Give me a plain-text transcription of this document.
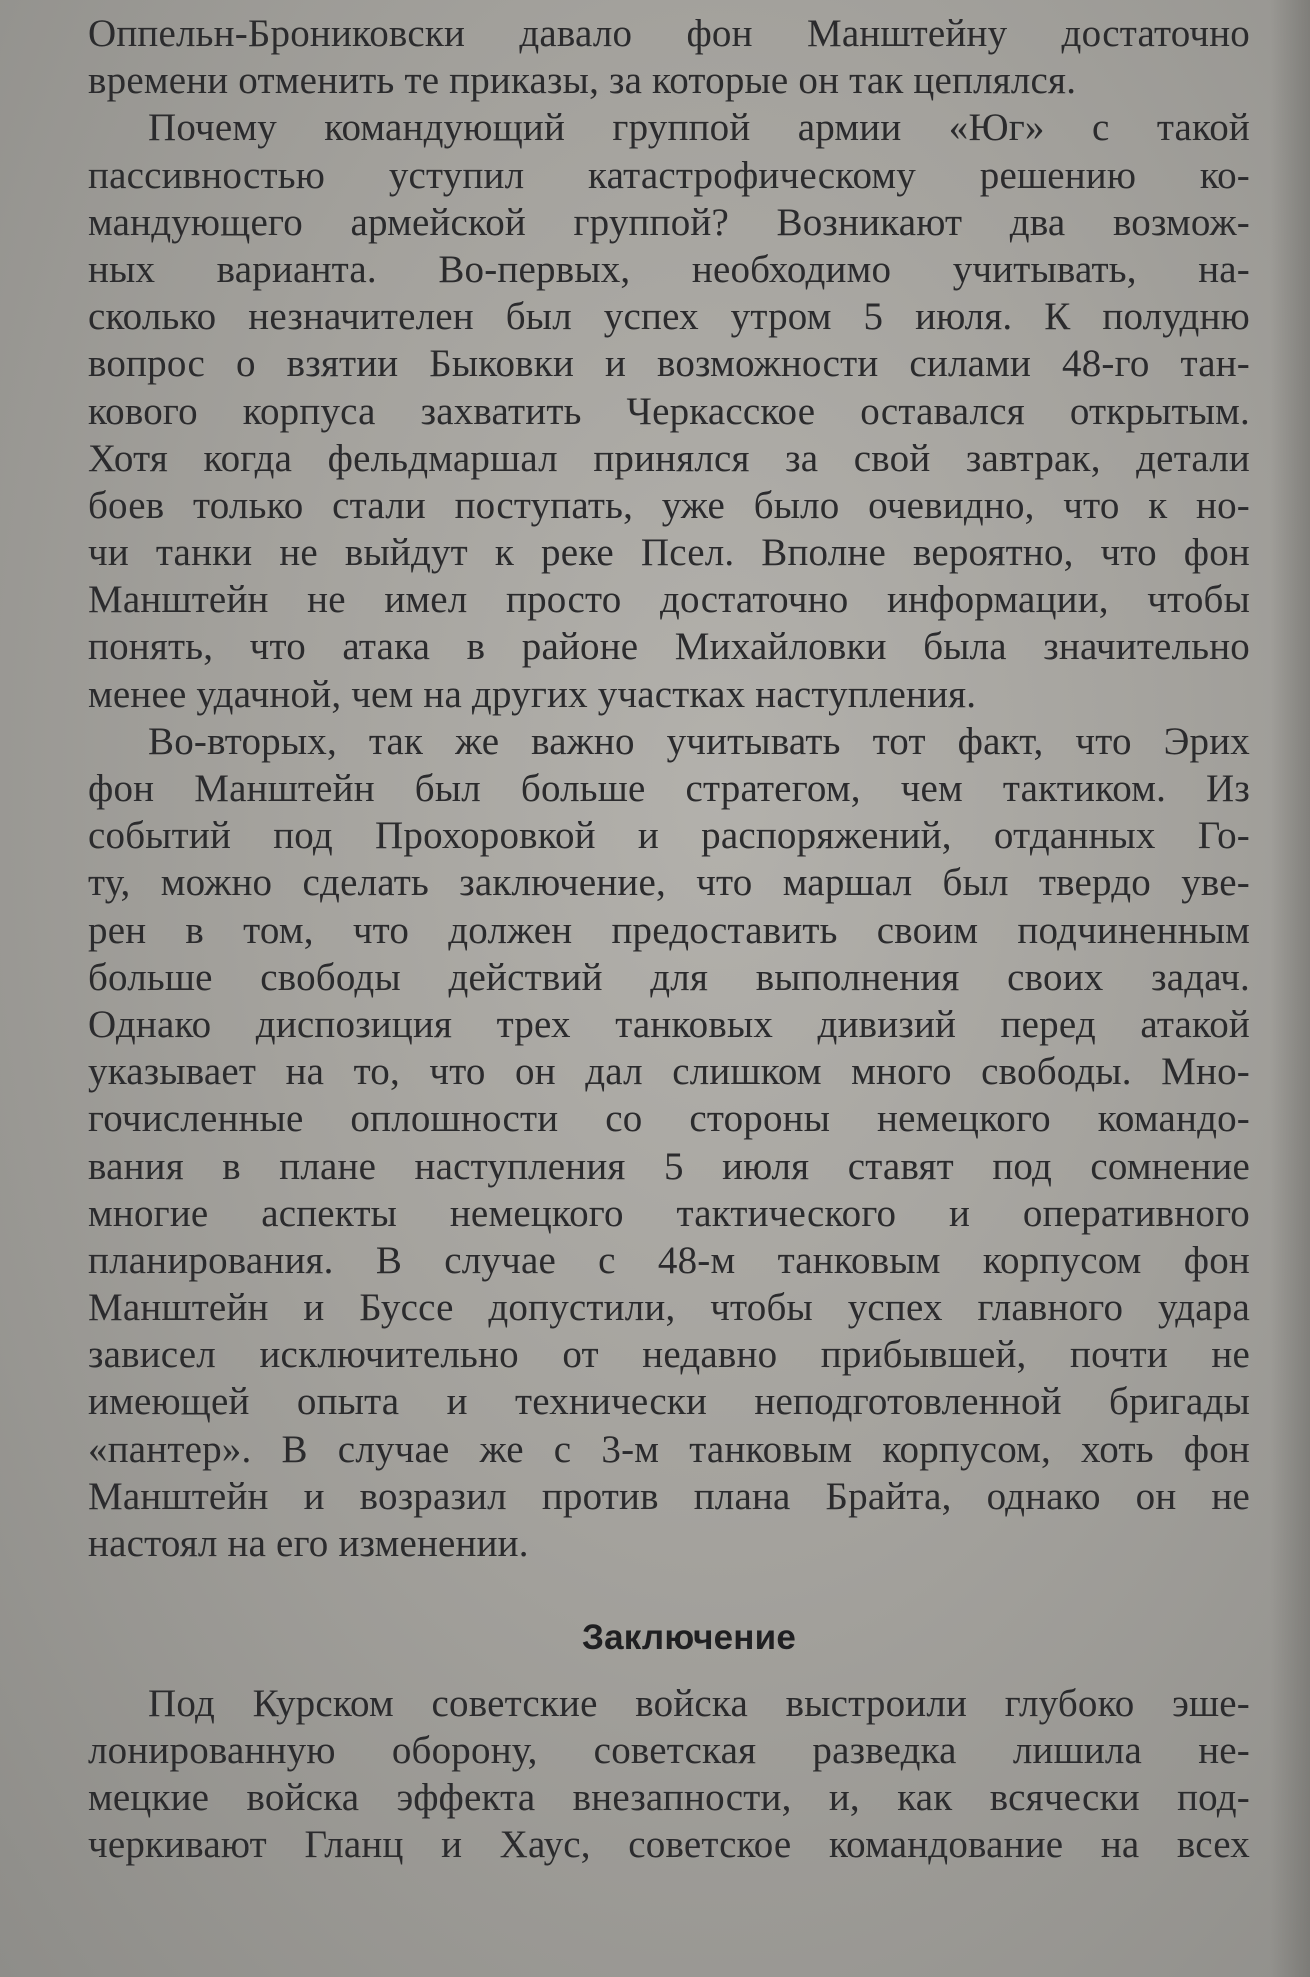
Оппельн-Брониковски давало фон Манштейну достаточно
времени отменить те приказы, за которые он так цеплялся.
Почему командующий группой армии «Юг» с такой
пассивностью уступил катастрофическому решению ко-
мандующего армейской группой? Возникают два возмож-
ных варианта. Во-первых, необходимо учитывать, на-
сколько незначителен был успех утром 5 июля. К полудню
вопрос о взятии Быковки и возможности силами 48-го тан-
кового корпуса захватить Черкасское оставался открытым.
Хотя когда фельдмаршал принялся за свой завтрак, детали
боев только стали поступать, уже было очевидно, что к но-
чи танки не выйдут к реке Псел. Вполне вероятно, что фон
Манштейн не имел просто достаточно информации, чтобы
понять, что атака в районе Михайловки была значительно
менее удачной, чем на других участках наступления.
Во-вторых, так же важно учитывать тот факт, что Эрих
фон Манштейн был больше стратегом, чем тактиком. Из
событий под Прохоровкой и распоряжений, отданных Го-
ту, можно сделать заключение, что маршал был твердо уве-
рен в том, что должен предоставить своим подчиненным
больше свободы действий для выполнения своих задач.
Однако диспозиция трех танковых дивизий перед атакой
указывает на то, что он дал слишком много свободы. Мно-
гочисленные оплошности со стороны немецкого командо-
вания в плане наступления 5 июля ставят под сомнение
многие аспекты немецкого тактического и оперативного
планирования. В случае с 48-м танковым корпусом фон
Манштейн и Буссе допустили, чтобы успех главного удара
зависел исключительно от недавно прибывшей, почти не
имеющей опыта и технически неподготовленной бригады
«пантер». В случае же с 3-м танковым корпусом, хоть фон
Манштейн и возразил против плана Брайта, однако он не
настоял на его изменении.
Заключение
Под Курском советские войска выстроили глубоко эше-
лонированную оборону, советская разведка лишила не-
мецкие войска эффекта внезапности, и, как всячески под-
черкивают Гланц и Хаус, советское командование на всех
